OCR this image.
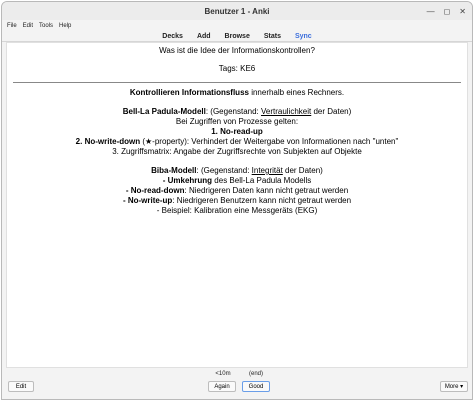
Benutzer 1 - Anki	— ◻ ✕
File Edit Tools Help
Decks Add Browse Stats Sync

Was ist die Idee der Informationskontrollen?

Tags: KE6

Kontrollieren Informationsfluss innerhalb eines Rechners.

Bell-La Padula-Modell: (Gegenstand: Vertraulichkeit der Daten)

Bei Zugriffen von Prozesse gelten:

1. No-read-up

2. No-write-down (★-property): Verhindert der Weitergabe von Informationen nach "unten"

3. Zugriffsmatrix: Angabe der Zugriffsrechte von Subjekten auf Objekte

Biba-Modell: (Gegenstand: Integrität der Daten)

- Umkehrung des Bell-La Padula Modells

- No-read-down: Niedrigeren Daten kann nicht getraut werden

- No-write-up: Niedrigeren Benutzern kann nicht getraut werden

- Beispiel: Kalibration eine Messgeräts (EKG)

Edit
<10m	(end)
Again	Good	More ▾
